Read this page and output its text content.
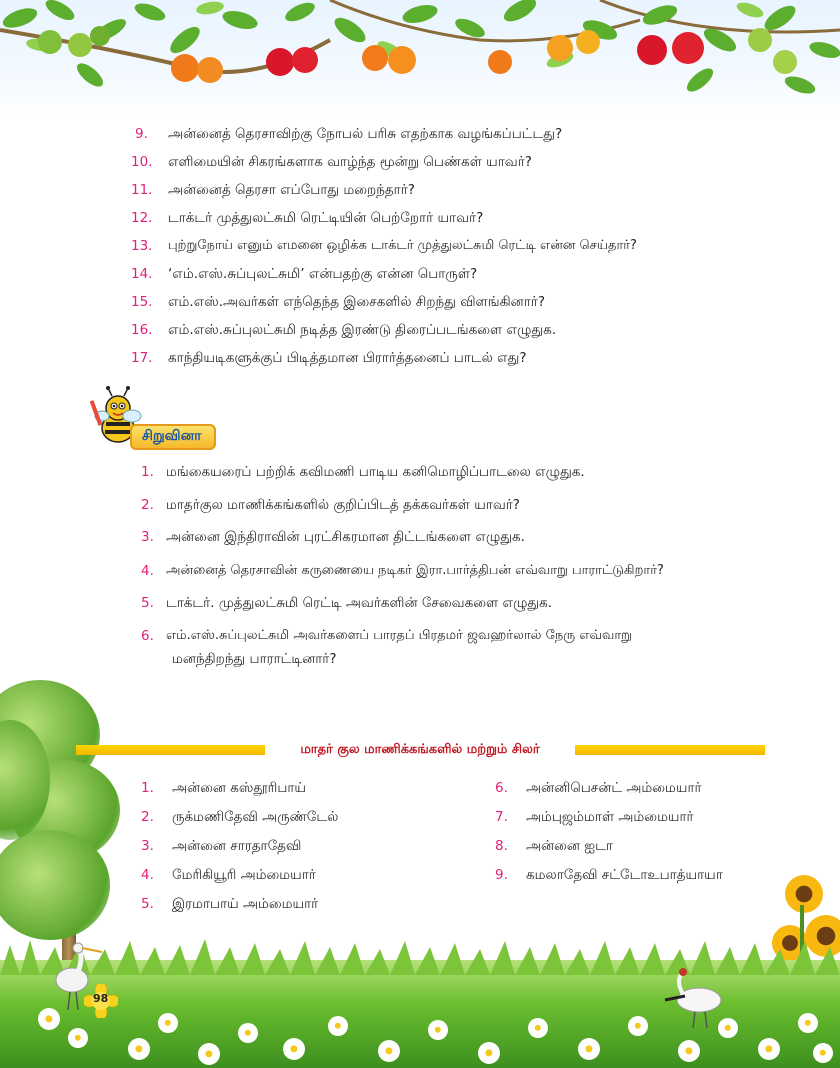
9. அன்னைத் தெரசாவிற்கு நோபல் பரிசு எதற்காக வழங்கப்பட்டது?
10. எளிமையின் சிகரங்களாக வாழ்ந்த மூன்று பெண்கள் யாவர்?
11. அன்னைத் தெரசா எப்போது மறைந்தார்?
12. டாக்டர் முத்துலட்சுமி ரெட்டியின் பெற்றோர் யாவர்?
13. புற்றுநோய் எனும் எமனை ஒழிக்க டாக்டர் முத்துலட்சுமி ரெட்டி என்ன செய்தார்?
14. ‘எம்.எஸ்.சுப்புலட்சுமி’ என்பதற்கு என்ன பொருள்?
15. எம்.எஸ்.அவர்கள் எந்தெந்த இசைகளில் சிறந்து விளங்கினார்?
16. எம்.எஸ்.சுப்புலட்சுமி நடித்த இரண்டு திரைப்படங்களை எழுதுக.
17. காந்தியடிகளுக்குப் பிடித்தமான பிரார்த்தனைப் பாடல் எது?
சிறுவினா
1. மங்கையரைப் பற்றிக் கவிமணி பாடிய கனிமொழிப்பாடலை எழுதுக.
2. மாதர்குல மாணிக்கங்களில் குறிப்பிடத் தக்கவர்கள் யாவர்?
3. அன்னை இந்திராவின் புரட்சிகரமான திட்டங்களை எழுதுக.
4. அன்னைத் தெரசாவின் கருணையை நடிகர் இரா.பார்த்திபன் எவ்வாறு பாராட்டுகிறார்?
5. டாக்டர். முத்துலட்சுமி ரெட்டி அவர்களின் சேவைகளை எழுதுக.
6. எம்.எஸ்.சுப்புலட்சுமி அவர்களைப் பாரதப் பிரதமர் ஜவஹர்லால் நேரு எவ்வாறு
மனந்திறந்து பாராட்டினார்?
மாதர் குல மாணிக்கங்களில் மற்றும் சிலர்
1. அன்னை கஸ்தூரிபாய்
2. ருக்மணிதேவி அருண்டேல்
3. அன்னை சாரதாதேவி
4. மேரிகியூரி அம்மையார்
5. இரமாபாய் அம்மையார்
6. அன்னிபெசன்ட் அம்மையார்
7. அம்புஜம்மாள் அம்மையார்
8. அன்னை ஐடா
9. கமலாதேவி சட்டோஉபாத்யாயா
98
